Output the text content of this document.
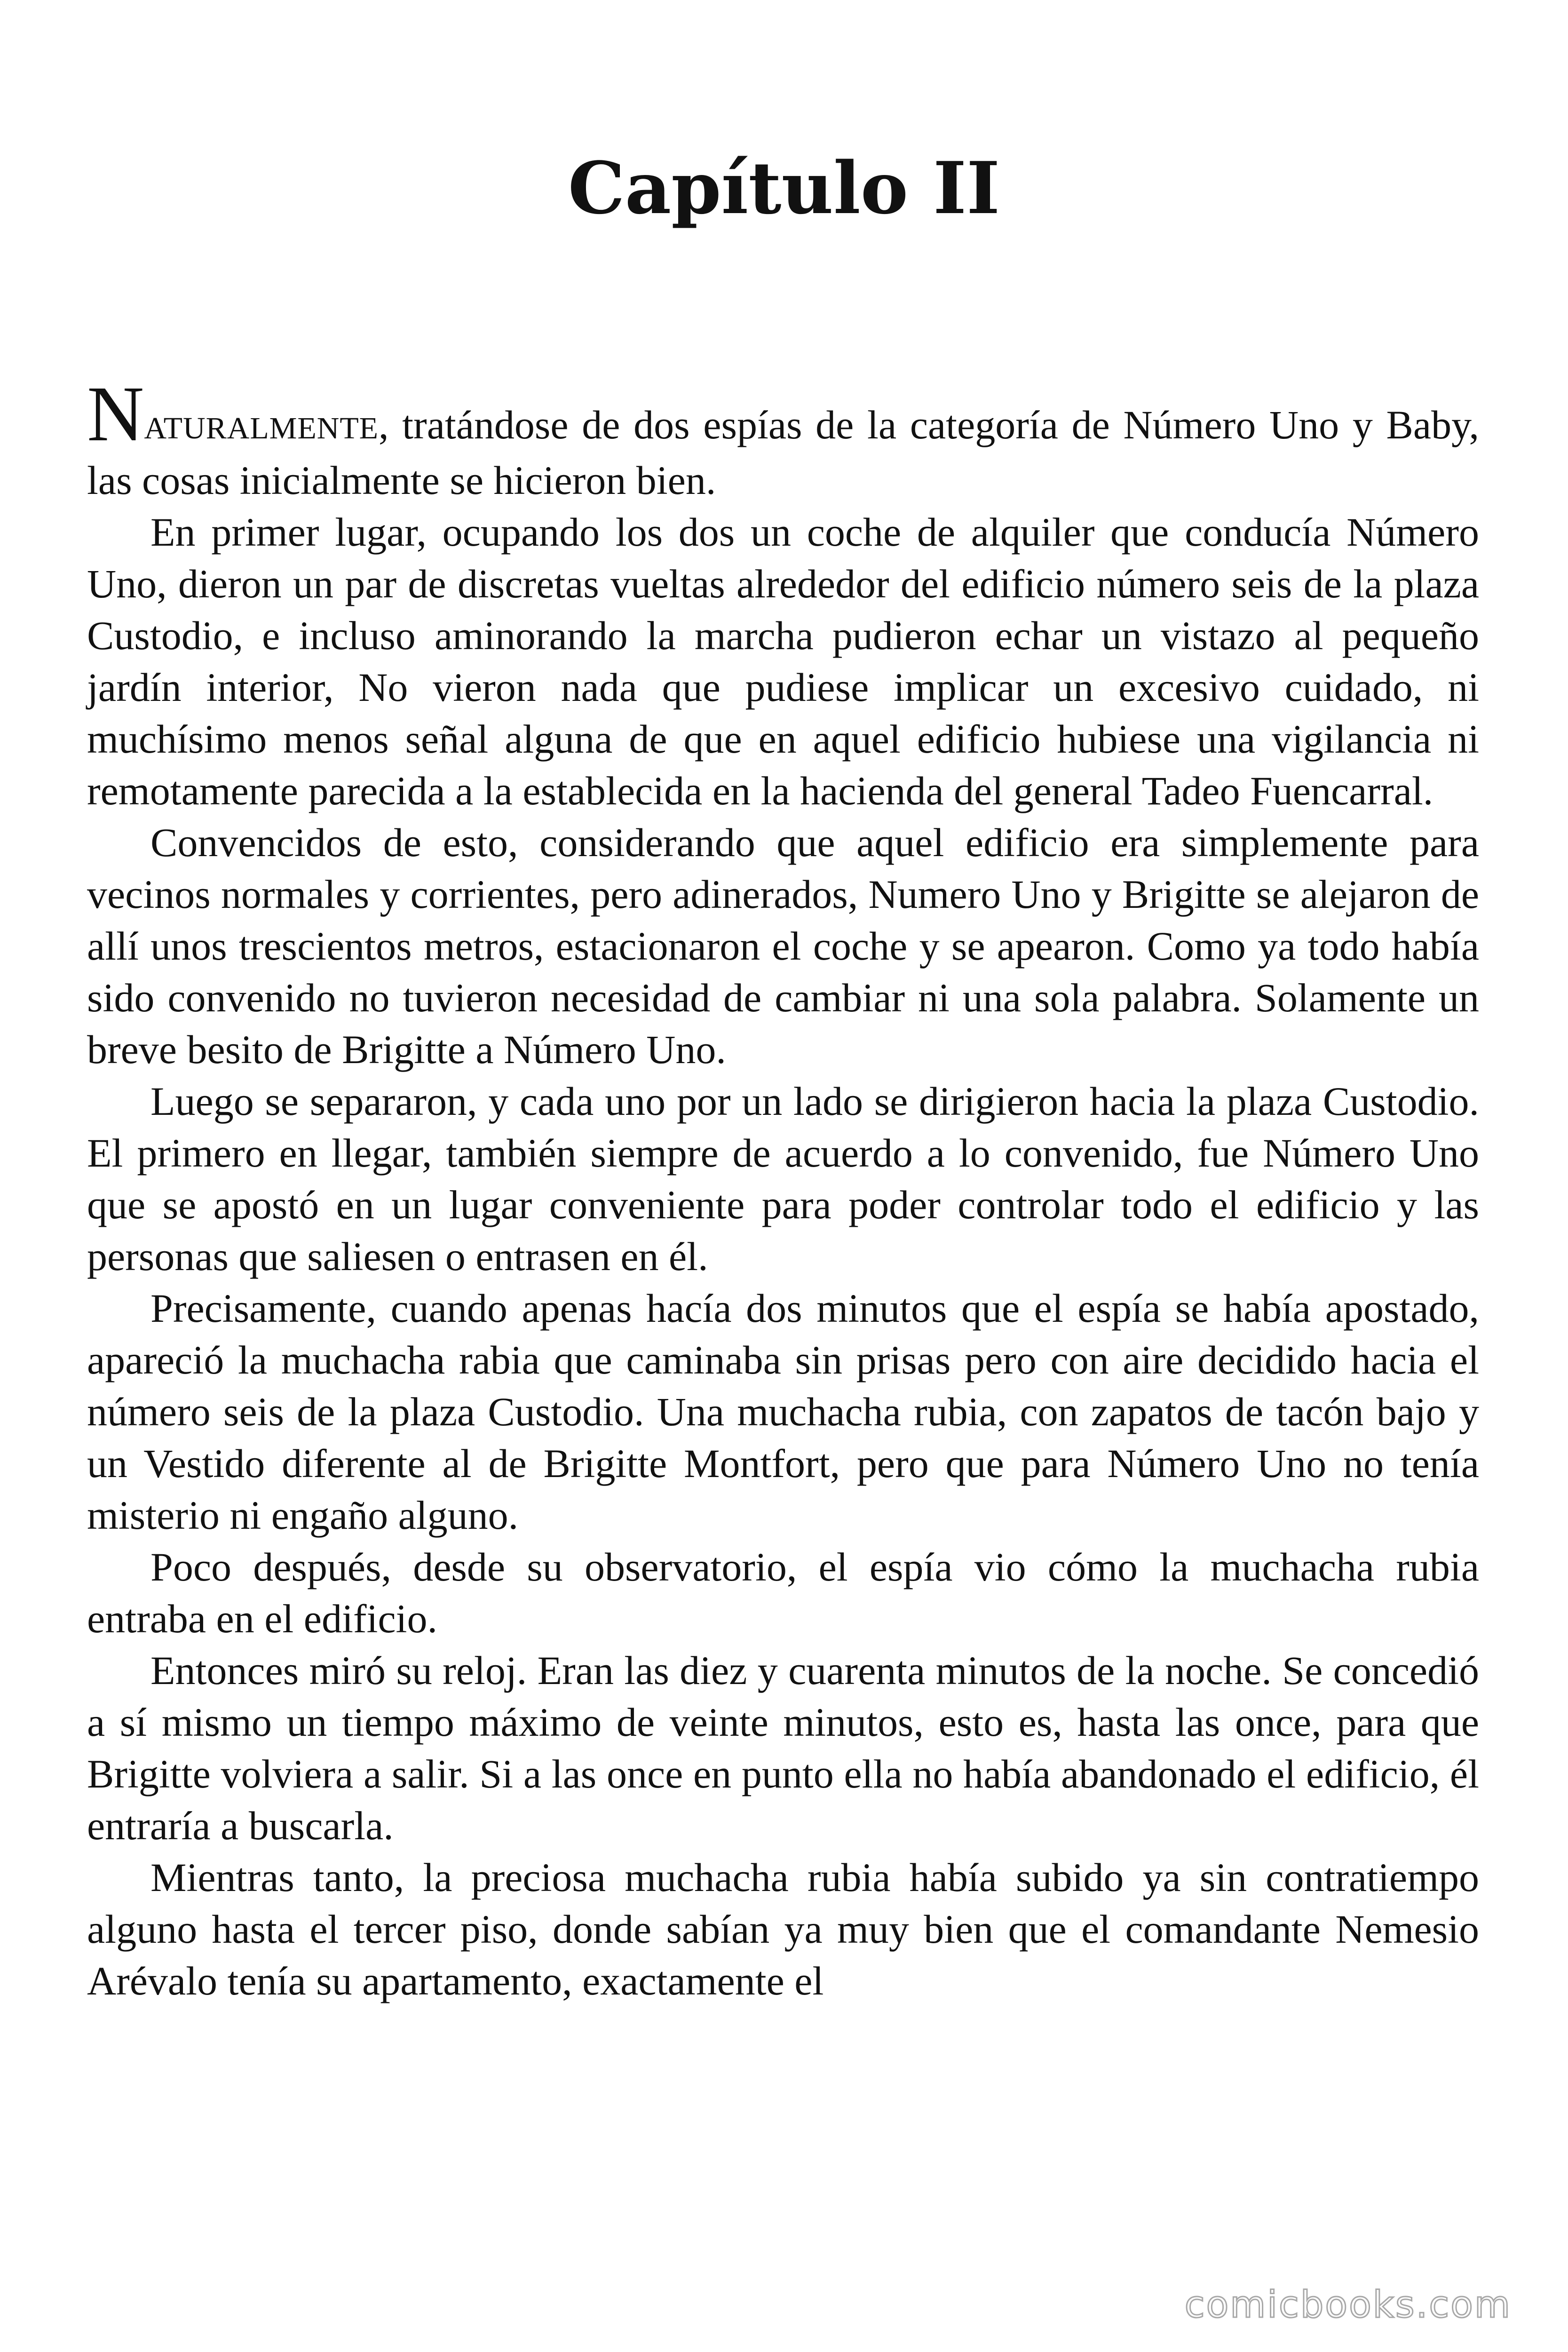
Capítulo II

NATURALMENTE, tratándose de dos espías de la categoría de Número Uno y Baby, las cosas inicialmente se hicieron bien.

En primer lugar, ocupando los dos un coche de alquiler que conducía Número Uno, dieron un par de discretas vueltas alrededor del edificio número seis de la plaza Custodio, e incluso aminorando la marcha pudieron echar un vistazo al pequeño jardín interior, No vieron nada que pudiese implicar un excesivo cuidado, ni muchísimo menos señal alguna de que en aquel edificio hubiese una vigilancia ni remotamente parecida a la establecida en la hacienda del general Tadeo Fuencarral.

Convencidos de esto, considerando que aquel edificio era simplemente para vecinos normales y corrientes, pero adinerados, Numero Uno y Brigitte se alejaron de allí unos trescientos metros, estacionaron el coche y se apearon. Como ya todo había sido convenido no tuvieron necesidad de cambiar ni una sola palabra. Solamente un breve besito de Brigitte a Número Uno.

Luego se separaron, y cada uno por un lado se dirigieron hacia la plaza Custodio. El primero en llegar, también siempre de acuerdo a lo convenido, fue Número Uno que se apostó en un lugar conveniente para poder controlar todo el edificio y las personas que saliesen o entrasen en él.

Precisamente, cuando apenas hacía dos minutos que el espía se había apostado, apareció la muchacha rabia que caminaba sin prisas pero con aire decidido hacia el número seis de la plaza Custodio. Una muchacha rubia, con zapatos de tacón bajo y un Vestido diferente al de Brigitte Montfort, pero que para Número Uno no tenía misterio ni engaño alguno.

Poco después, desde su observatorio, el espía vio cómo la muchacha rubia entraba en el edificio.

Entonces miró su reloj. Eran las diez y cuarenta minutos de la noche. Se concedió a sí mismo un tiempo máximo de veinte minutos, esto es, hasta las once, para que Brigitte volviera a salir. Si a las once en punto ella no había abandonado el edificio, él entraría a buscarla.

Mientras tanto, la preciosa muchacha rubia había subido ya sin contratiempo alguno hasta el tercer piso, donde sabían ya muy bien que el comandante Nemesio Arévalo tenía su apartamento, exactamente el

comicbooks.com
